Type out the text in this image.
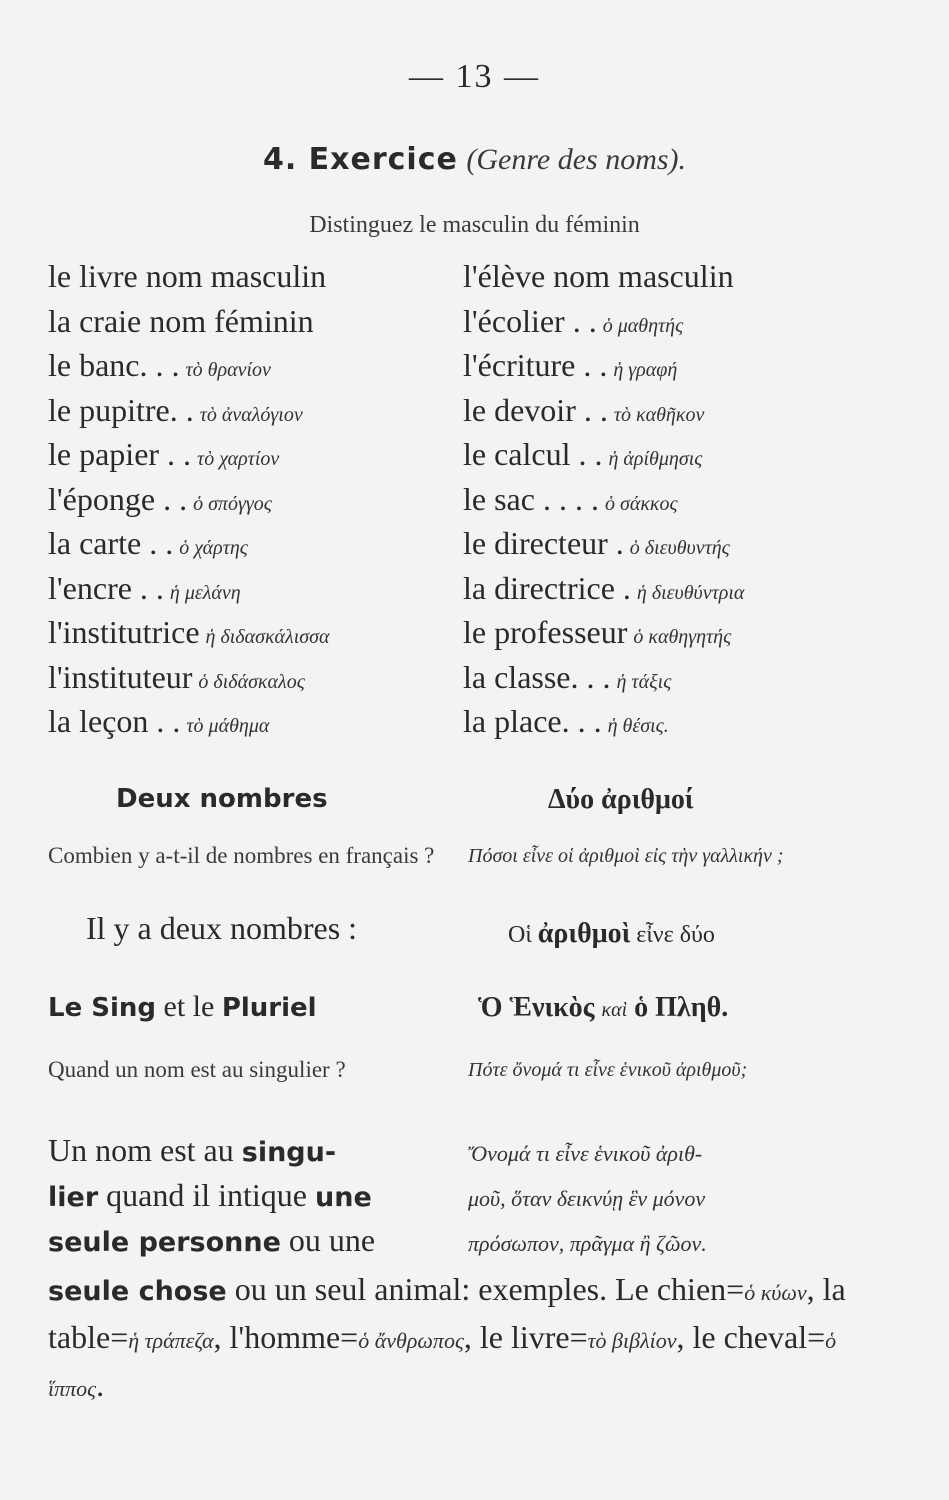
— 13 —
4. Exercice (Genre des noms).
Distinguez le masculin du féminin
le livre nom masculin	l'élève nom masculin
la craie nom féminin	l'écolier . . ὁ μαθητής
le banc. . . τὸ θρανίον	l'écriture . . ἡ γραφή
le pupitre. . τὸ ἀναλόγιον	le devoir . . τὸ καθῆκον
le papier . . τὸ χαρτίον	le calcul . . ἡ ἀρίθμησις
l'éponge . . ὁ σπόγγος	le sac . . . . ὁ σάκκος
la carte . . ὁ χάρτης	le directeur . ὁ διευθυντής
l'encre . . ἡ μελάνη	la directrice . ἡ διευθύντρια
l'institutrice ἡ διδασκάλισσα	le professeur ὁ καθηγητής
l'instituteur ὁ διδάσκαλος	la classe. . . ἡ τάξις
la leçon . . τὸ μάθημα	la place. . . ἡ θέσις.
Deux nombres	Δύο ἀριθμοί
Combien y a-t-il de nombres en français ?	Πόσοι εἶνε οἱ ἀριθμοὶ εἰς τὴν γαλλικήν ;
Il y a deux nombres :	Οἱ ἀριθμοὶ εἶνε δύο
Le Sing et le Pluriel	Ὁ Ἑνικὸς καὶ ὁ Πληθ.
Quand un nom est au singulier ?	Πότε ὄνομά τι εἶνε ἑνικοῦ ἀριθμοῦ;
Un nom est au singu-	Ὄνομά τι εἶνε ἑνικοῦ ἀριθ-
lier quand il intique une	μοῦ, ὅταν δεικνύῃ ἓν μόνον
seule personne ou une	πρόσωπον, πρᾶγμα ἢ ζῶον.
seule chose ou un seul animal: exemples. Le chien=ὁ κύων, la table=ἡ τράπεζα, l'homme=ὁ ἄνθρωπος, le livre=τὸ βιβλίον, le cheval=ὁ ἵππος.
